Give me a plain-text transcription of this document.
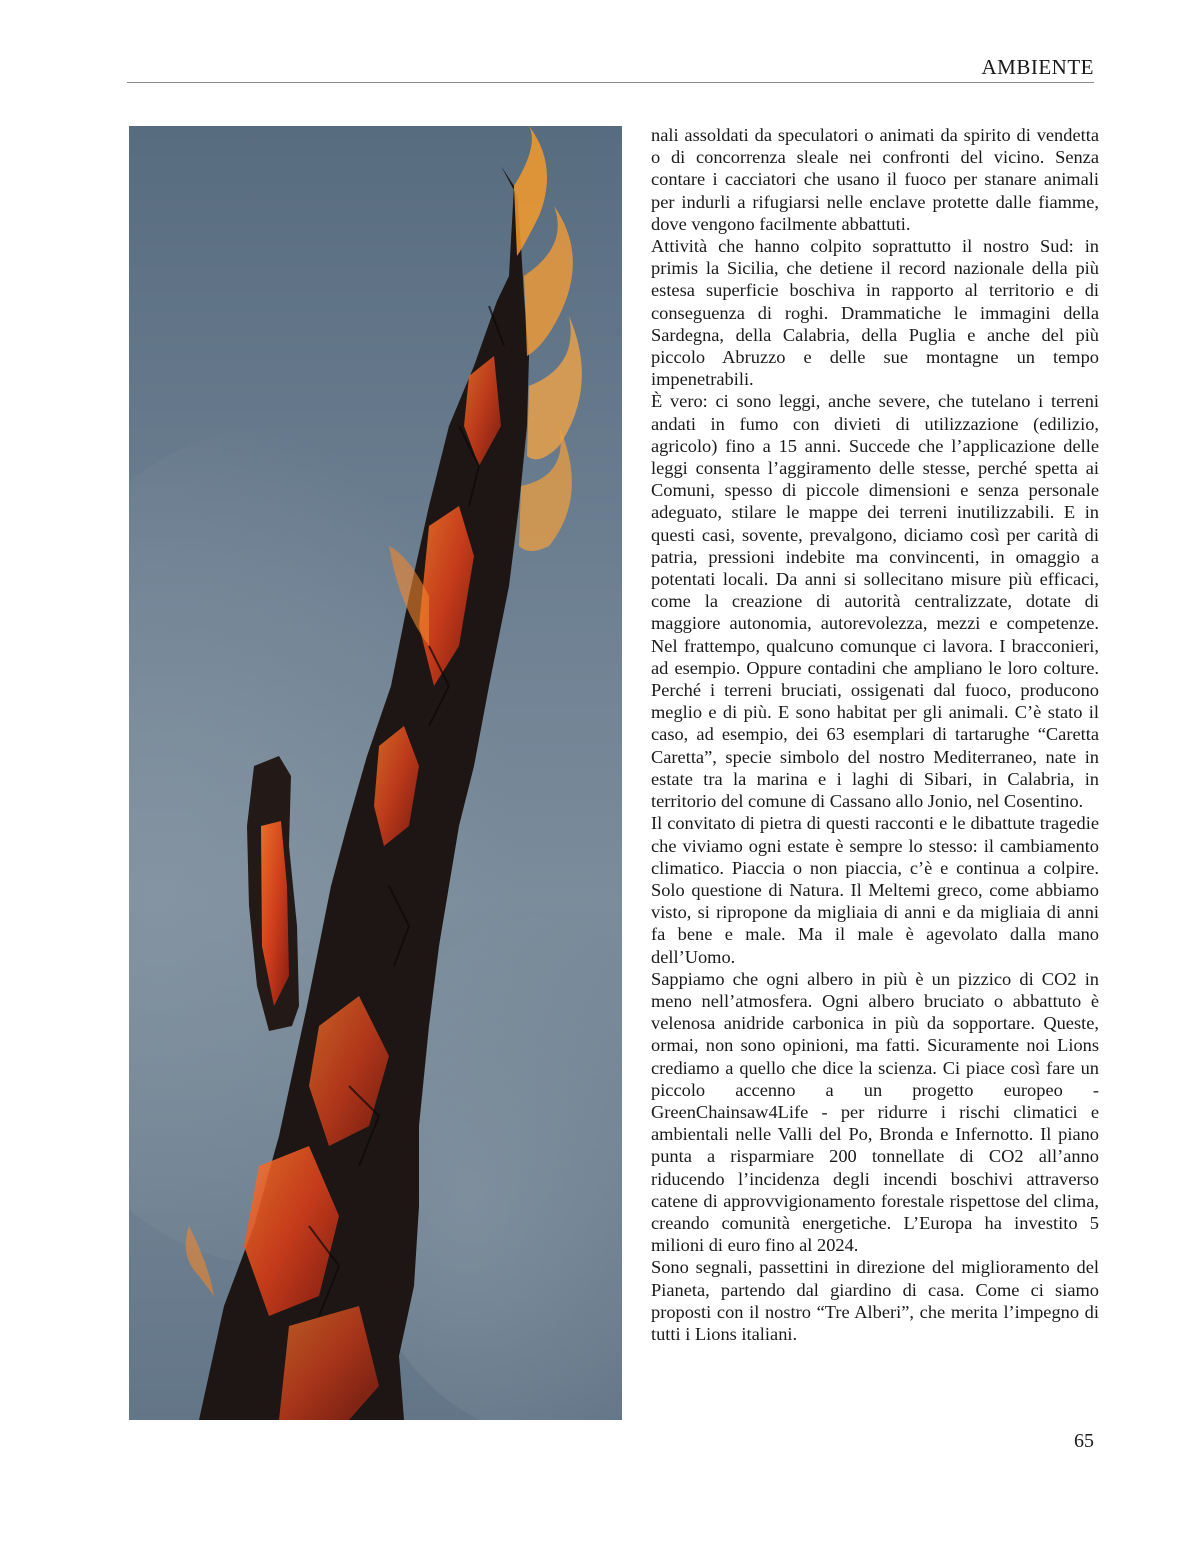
AMBIENTE

nali assoldati da speculatori o animati da spirito di vendetta o di concorrenza sleale nei confronti del vicino. Senza contare i cacciatori che usano il fuoco per stanare animali per indurli a rifugiarsi nelle enclave protette dalle fiamme, dove vengono facilmente abbattuti.

Attività che hanno colpito soprattutto il nostro Sud: in primis la Sicilia, che detiene il record nazionale della più estesa superficie boschiva in rapporto al territorio e di conseguenza di roghi. Drammatiche le immagini della Sardegna, della Calabria, della Puglia e anche del più piccolo Abruzzo e delle sue montagne un tempo impenetrabili.

È vero: ci sono leggi, anche severe, che tutelano i terreni andati in fumo con divieti di utilizzazione (edilizio, agricolo) fino a 15 anni. Succede che l’applicazione delle leggi consenta l’aggiramento delle stesse, perché spetta ai Comuni, spesso di piccole dimensioni e senza personale adeguato, stilare le mappe dei terreni inutilizzabili. E in questi casi, sovente, prevalgono, diciamo così per carità di patria, pressioni indebite ma convincenti, in omaggio a potentati locali. Da anni si sollecitano misure più efficaci, come la creazione di autorità centralizzate, dotate di maggiore autonomia, autorevolezza, mezzi e competenze. Nel frattempo, qualcuno comunque ci lavora. I bracconieri, ad esempio. Oppure contadini che ampliano le loro colture. Perché i terreni bruciati, ossigenati dal fuoco, producono meglio e di più. E sono habitat per gli animali. C’è stato il caso, ad esempio, dei 63 esemplari di tartarughe “Caretta Caretta”, specie simbolo del nostro Mediterraneo, nate in estate tra la marina e i laghi di Sibari, in Calabria, in territorio del comune di Cassano allo Jonio, nel Cosentino.

Il convitato di pietra di questi racconti e le dibattute tragedie che viviamo ogni estate è sempre lo stesso: il cambiamento climatico. Piaccia o non piaccia, c’è e continua a colpire. Solo questione di Natura. Il Meltemi greco, come abbiamo visto, si ripropone da migliaia di anni e da migliaia di anni fa bene e male. Ma il male è agevolato dalla mano dell’Uomo.

Sappiamo che ogni albero in più è un pizzico di CO2 in meno nell’atmosfera. Ogni albero bruciato o abbattuto è velenosa anidride carbonica in più da sopportare. Queste, ormai, non sono opinioni, ma fatti. Sicuramente noi Lions crediamo a quello che dice la scienza. Ci piace così fare un piccolo accenno a un progetto europeo - GreenChainsaw4Life - per ridurre i rischi climatici e ambientali nelle Valli del Po, Bronda e Infernotto. Il piano punta a risparmiare 200 tonnellate di CO2 all’anno riducendo l’incidenza degli incendi boschivi attraverso catene di approvvigionamento forestale rispettose del clima, creando comunità energetiche. L’Europa ha investito 5 milioni di euro fino al 2024.

Sono segnali, passettini in direzione del miglioramento del Pianeta, partendo dal giardino di casa. Come ci siamo proposti con il nostro “Tre Alberi”, che merita l’impegno di tutti i Lions italiani.

65
